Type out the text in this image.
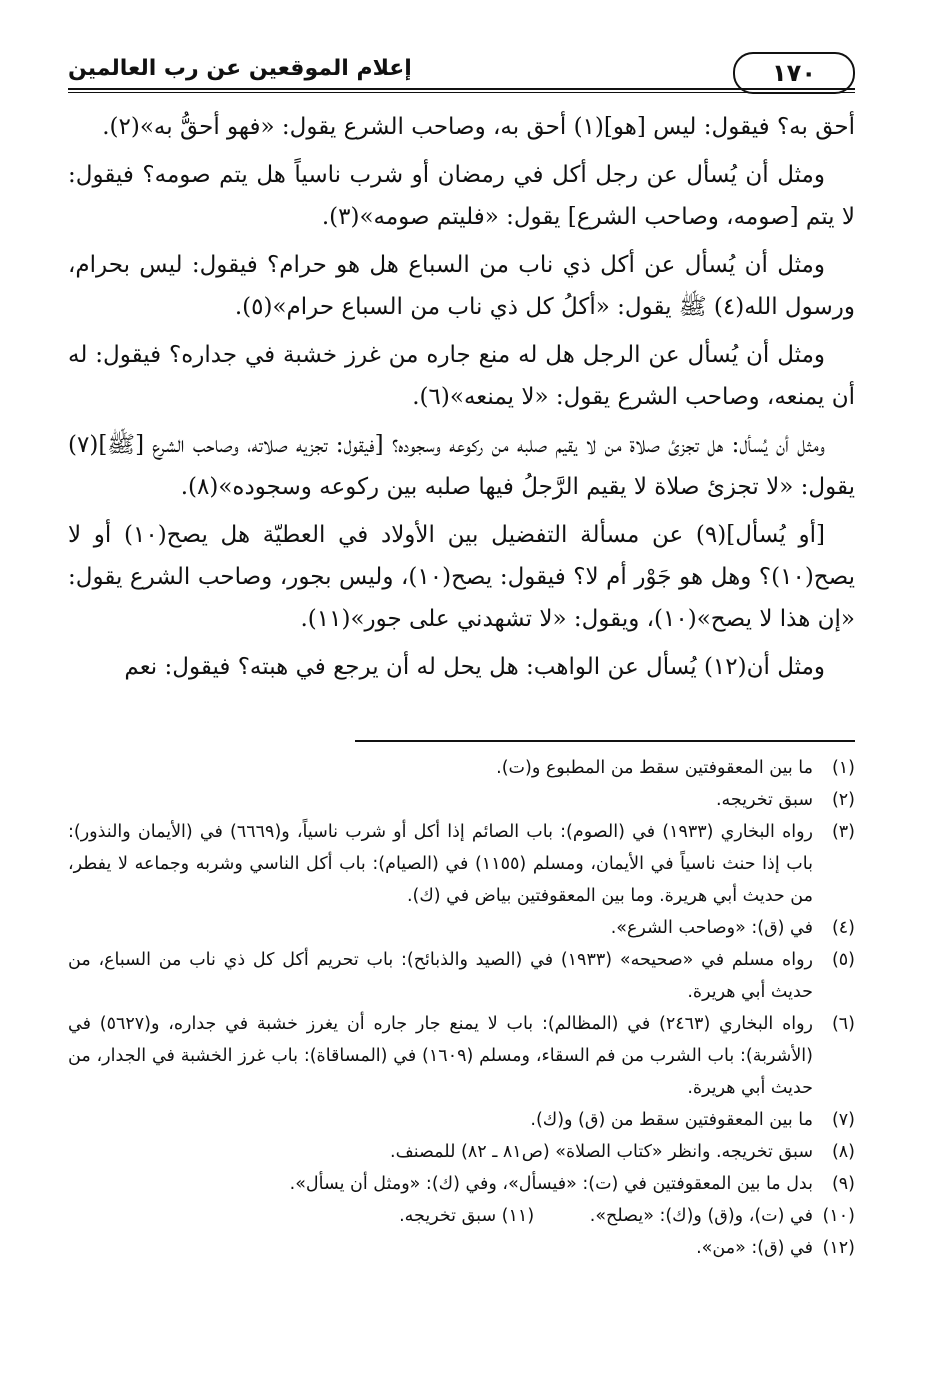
١٧٠
إعلام الموقعين عن رب العالمين

أحق به؟ فيقول: ليس [هو](١) أحق به، وصاحب الشرع يقول: «فهو أحقُّ به»(٢).

ومثل أن يُسأل عن رجل أكل في رمضان أو شرب ناسياً هل يتم صومه؟ فيقول: لا يتم [صومه، وصاحب الشرع] يقول: «فليتم صومه»(٣).

ومثل أن يُسأل عن أكل ذي ناب من السباع هل هو حرام؟ فيقول: ليس بحرام، ورسول الله(٤) ﷺ يقول: «أكلُ كل ذي ناب من السباع حرام»(٥).

ومثل أن يُسأل عن الرجل هل له منع جاره من غرز خشبة في جداره؟ فيقول: له أن يمنعه، وصاحب الشرع يقول: «لا يمنعه»(٦).

ومثل أن يُسأل: هل تجزئ صلاة من لا يقيم صلبه من ركوعه وسجوده؟ [فيقول: تجزيه صلاته، وصاحب الشرع [ﷺ](٧) يقول: «لا تجزئ صلاة لا يقيم الرَّجلُ فيها صلبه بين ركوعه وسجوده»(٨).

[أو يُسأل](٩) عن مسألة التفضيل بين الأولاد في العطيّة هل يصح(١٠) أو لا يصح(١٠)؟ وهل هو جَوْر أم لا؟ فيقول: يصح(١٠)، وليس بجور، وصاحب الشرع يقول: «إن هذا لا يصح»(١٠)، ويقول: «لا تشهدني على جور»(١١).

ومثل أن(١٢) يُسأل عن الواهب: هل يحل له أن يرجع في هبته؟ فيقول: نعم

(١)
ما بين المعقوفتين سقط من المطبوع و(ت).
(٢)
سبق تخريجه.
(٣)
رواه البخاري (١٩٣٣) في (الصوم): باب الصائم إذا أكل أو شرب ناسياً، و(٦٦٦٩) في (الأيمان والنذور): باب إذا حنث ناسياً في الأيمان، ومسلم (١١٥٥) في (الصيام): باب أكل الناسي وشربه وجماعه لا يفطر، من حديث أبي هريرة. وما بين المعقوفتين بياض في (ك).
(٤)
في (ق): «وصاحب الشرع».
(٥)
رواه مسلم في «صحيحه» (١٩٣٣) في (الصيد والذبائح): باب تحريم أكل كل ذي ناب من السباع، من حديث أبي هريرة.
(٦)
رواه البخاري (٢٤٦٣) في (المظالم): باب لا يمنع جار جاره أن يغرز خشبة في جداره، و(٥٦٢٧) في (الأشربة): باب الشرب من فم السقاء، ومسلم (١٦٠٩) في (المساقاة): باب غرز الخشبة في الجدار، من حديث أبي هريرة.
(٧)
ما بين المعقوفتين سقط من (ق) و(ك).
(٨)
سبق تخريجه. وانظر «كتاب الصلاة» (ص٨١ ـ ٨٢) للمصنف.
(٩)
بدل ما بين المعقوفتين في (ت): «فيسأل»، وفي (ك): «ومثل أن يسأل».
(١٠)
في (ت)، و(ق) و(ك): «يصلح».          (١١) سبق تخريجه.
(١٢)
في (ق): «من».
